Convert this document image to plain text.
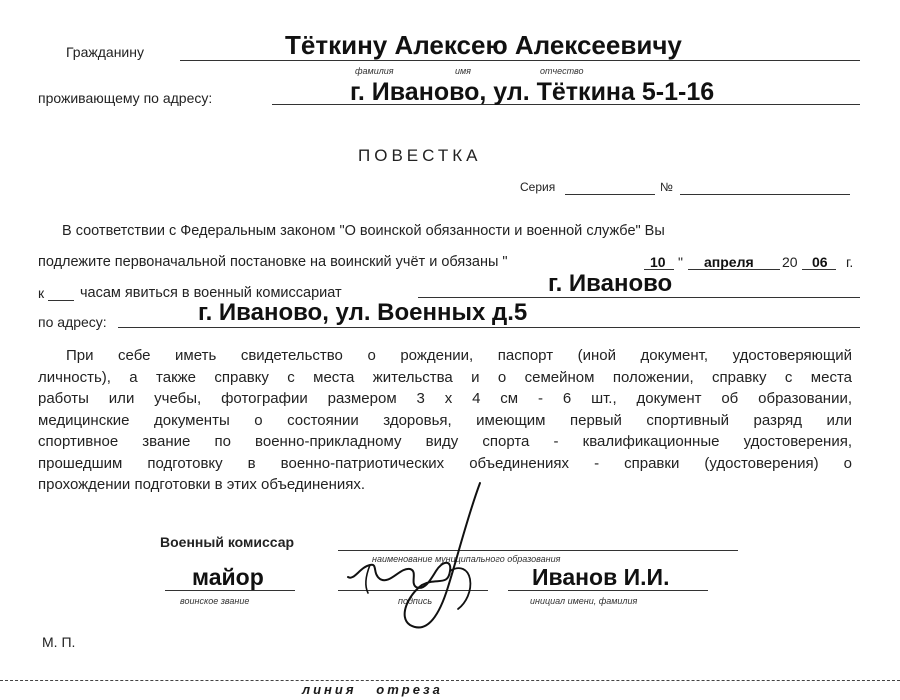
Гражданину	Тёткину Алексею Алексеевичу
фамилия	имя	отчество
проживающему по адресу:	г. Иваново, ул. Тёткина 5-1-16
ПОВЕСТКА
Серия	№
В соответствии с Федеральным законом "О воинской обязанности и военной службе" Вы
подлежите первоначальной постановке на воинский учёт и обязаны "	10 " апреля 20 06 г.
к часам явиться в военный комиссариат	г. Иваново
по адресу:	г. Иваново, ул. Военных д.5
При себе иметь свидетельство о рождении, паспорт (иной документ, удостоверяющий
личность), а также справку с места жительства и о семейном положении, справку с места
работы или учебы, фотографии размером 3 х 4 см - 6 шт., документ об образовании,
медицинские документы о состоянии здоровья, имеющим первый спортивный разряд или
спортивное звание по военно-прикладному виду спорта - квалификационные удостоверения,
прошедшим подготовку в военно-патриотических объединениях - справки (удостоверения) о
прохождении подготовки в этих объединениях.
Военный комиссар
наименование муниципального образования
майор
воинское звание	подпись
Иванов И.И.
инициал имени, фамилия
М. П.
линия   отреза
